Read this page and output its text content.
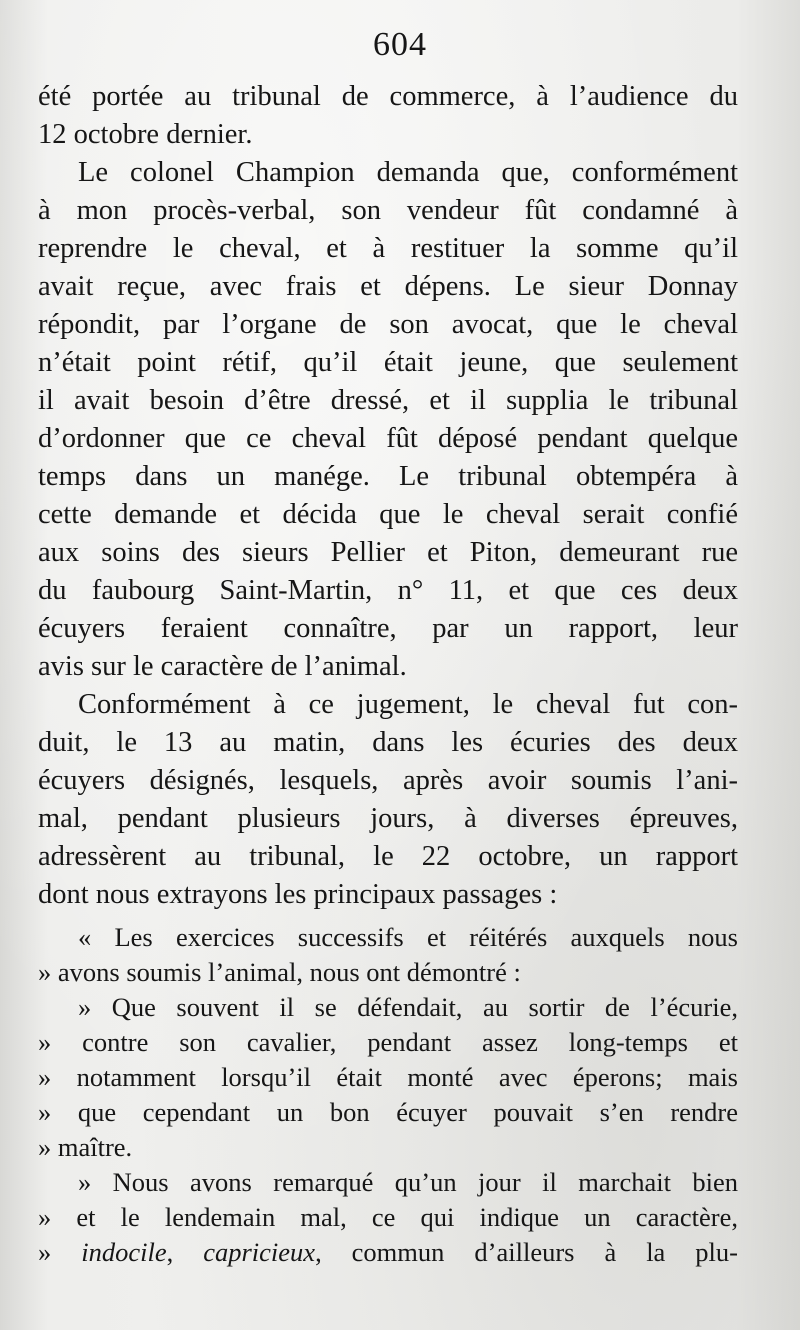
604
été portée au tribunal de commerce, à l’audience du
12 octobre dernier.
Le colonel Champion demanda que, conformément
à mon procès-verbal, son vendeur fût condamné à
reprendre le cheval, et à restituer la somme qu’il
avait reçue, avec frais et dépens. Le sieur Donnay
répondit, par l’organe de son avocat, que le cheval
n’était point rétif, qu’il était jeune, que seulement
il avait besoin d’être dressé, et il supplia le tribunal
d’ordonner que ce cheval fût déposé pendant quelque
temps dans un manége. Le tribunal obtempéra à
cette demande et décida que le cheval serait confié
aux soins des sieurs Pellier et Piton, demeurant rue
du faubourg Saint-Martin, n° 11, et que ces deux
écuyers feraient connaître, par un rapport, leur
avis sur le caractère de l’animal.
Conformément à ce jugement, le cheval fut con-
duit, le 13 au matin, dans les écuries des deux
écuyers désignés, lesquels, après avoir soumis l’ani-
mal, pendant plusieurs jours, à diverses épreuves,
adressèrent au tribunal, le 22 octobre, un rapport
dont nous extrayons les principaux passages :
« Les exercices successifs et réitérés auxquels nous
» avons soumis l’animal, nous ont démontré :
» Que souvent il se défendait, au sortir de l’écurie,
» contre son cavalier, pendant assez long-temps et
» notamment lorsqu’il était monté avec éperons; mais
» que cependant un bon écuyer pouvait s’en rendre
» maître.
» Nous avons remarqué qu’un jour il marchait bien
» et le lendemain mal, ce qui indique un caractère,
» indocile, capricieux, commun d’ailleurs à la plu-
